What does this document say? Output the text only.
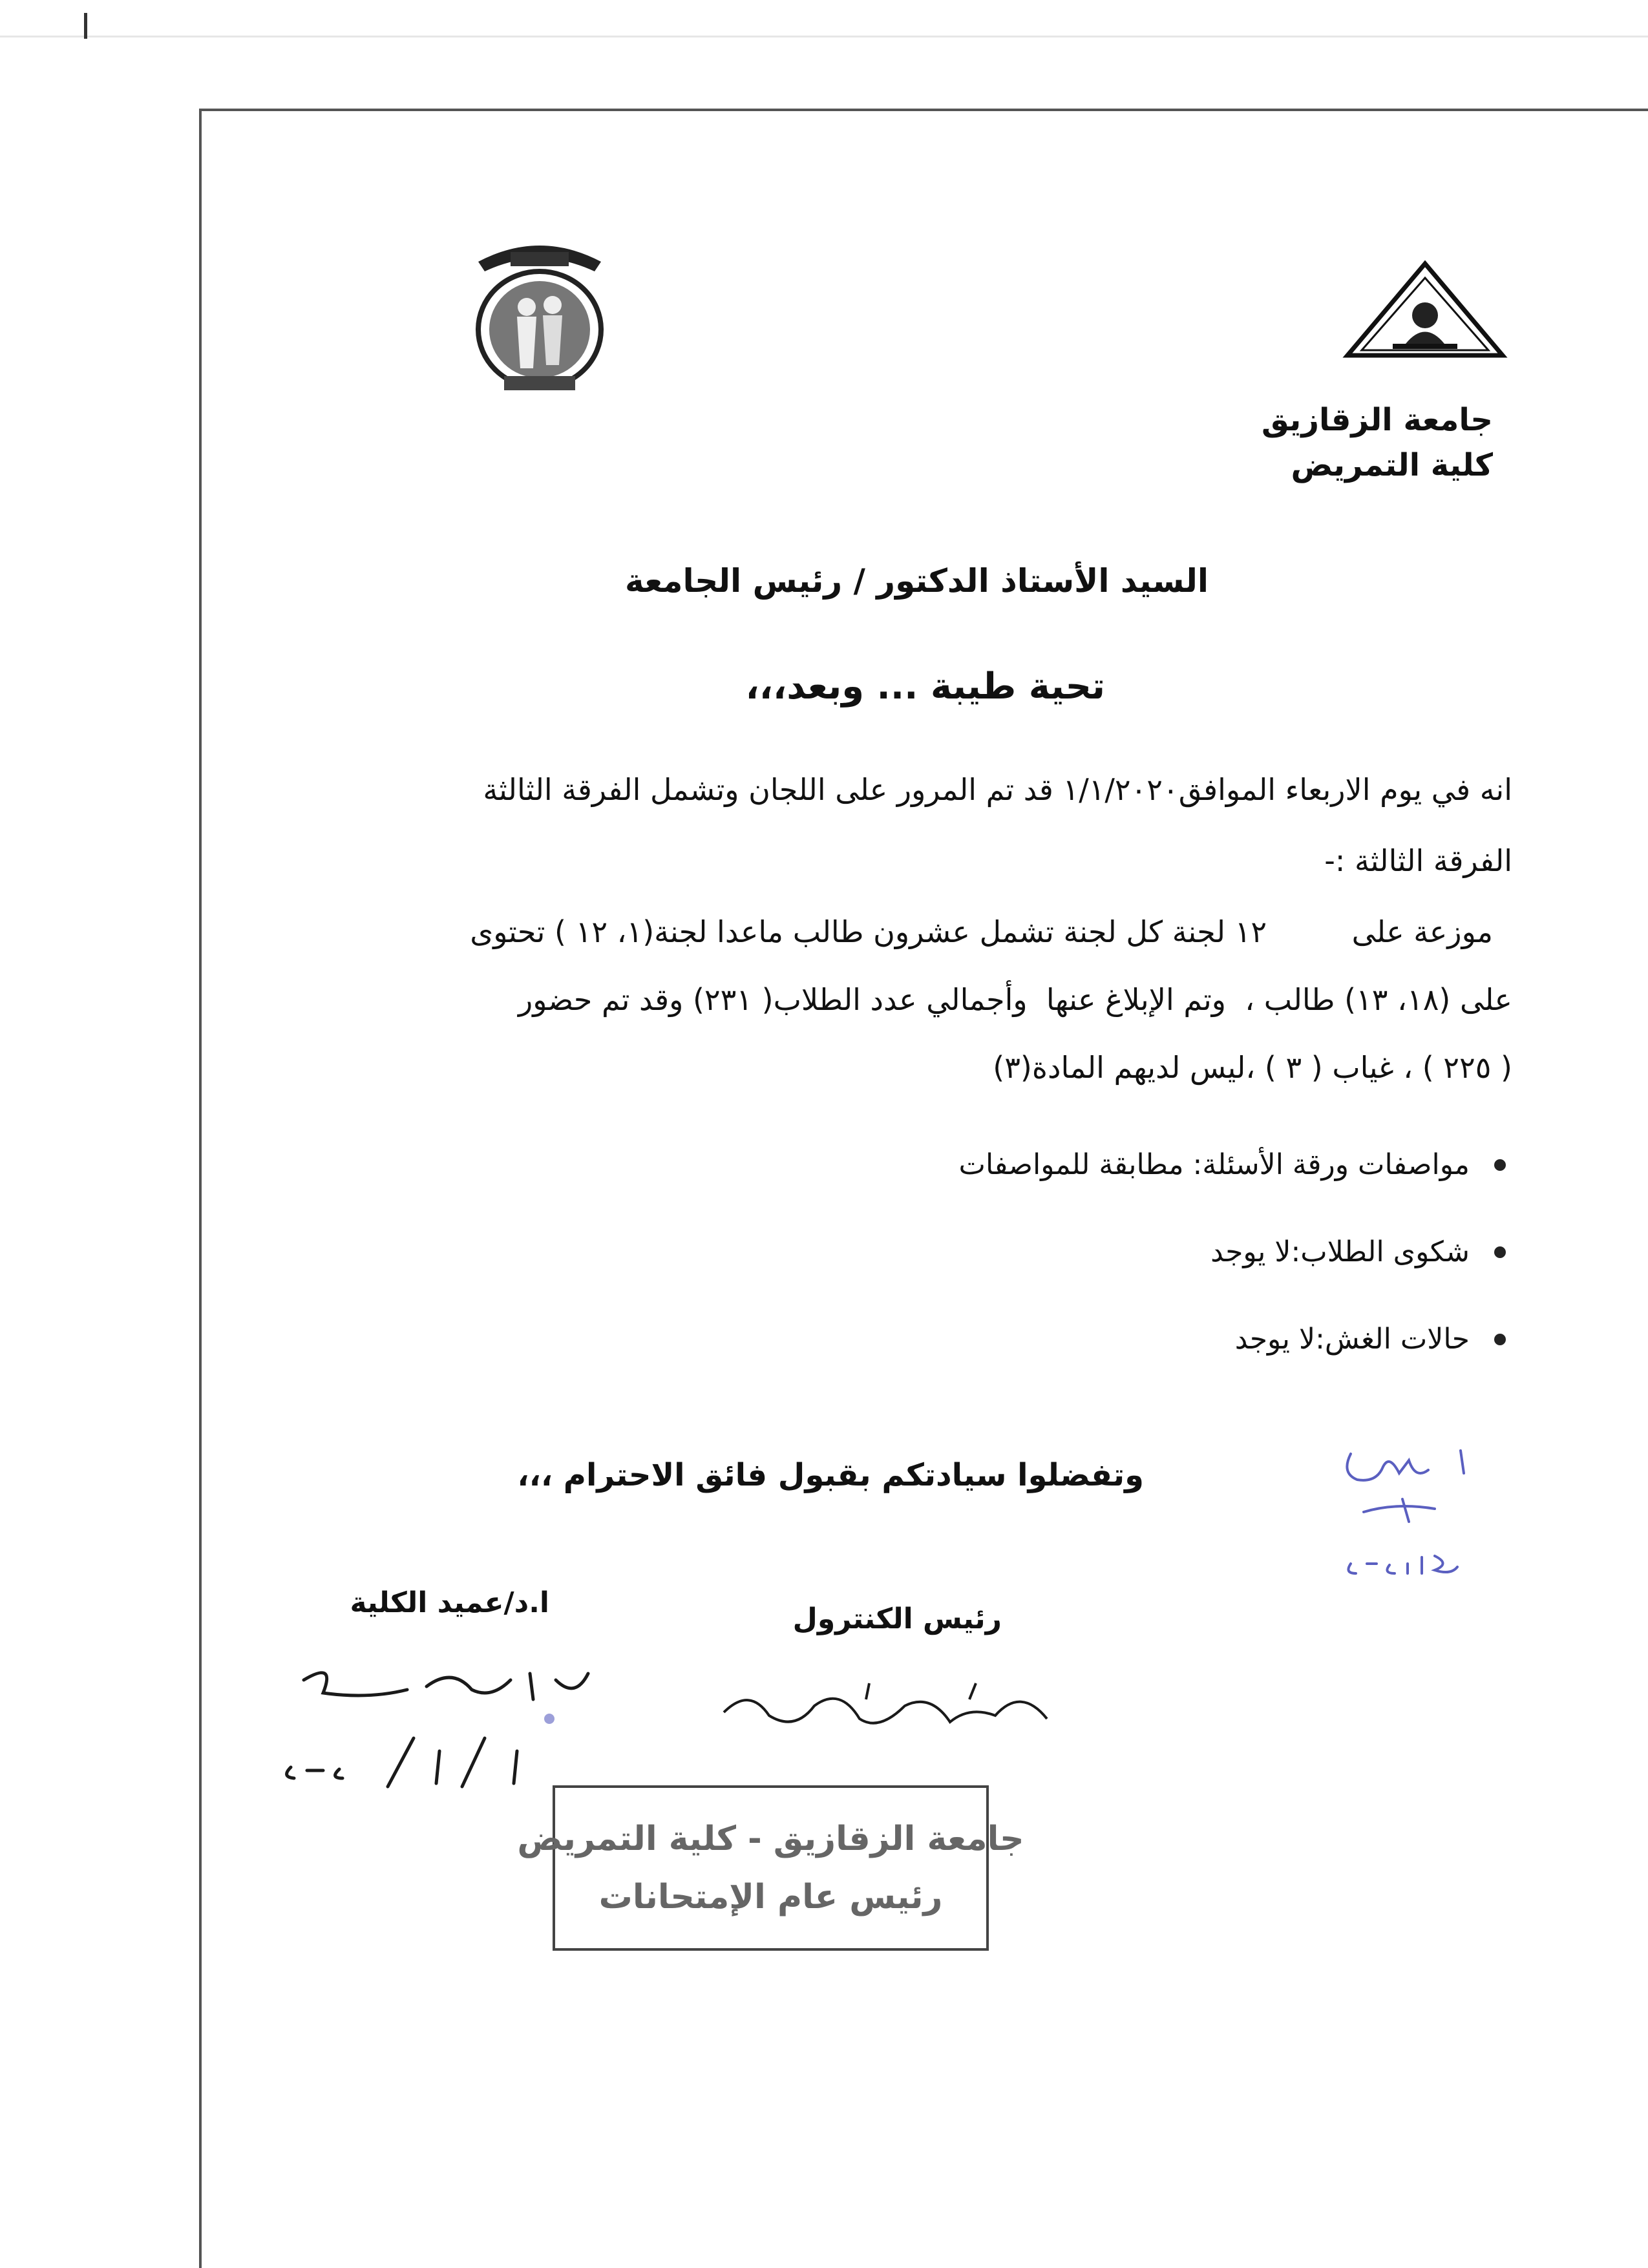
جامعة الزقازيق
كلية التمريض
السيد الأستاذ الدكتور / رئيس الجامعة
تحية طيبة ... وبعد،،،
انه في يوم الاربعاء الموافق١/١/٢٠٢٠ قد تم المرور على اللجان وتشمل الفرقة الثالثة
الفرقة الثالثة :-
موزعة على         ١٢ لجنة كل لجنة تشمل عشرون طالب ماعدا لجنة(١، ١٢ ) تحتوى
على (١٨، ١٣) طالب ،  وتم الإبلاغ عنها  وأجمالي عدد الطلاب( ٢٣١) وقد تم حضور
( ٢٢٥ ) ، غياب ( ٣ ) ،ليس لديهم المادة(٣)
مواصفات ورقة الأسئلة: مطابقة للمواصفات
شكوى الطلاب:لا يوجد
حالات الغش:لا يوجد
وتفضلوا سيادتكم بقبول فائق الاحترام ،،،
رئيس الكنترول
ا.د/عميد الكلية
جامعة الزقازيق - كلية التمريض
رئيس عام الإمتحانات
